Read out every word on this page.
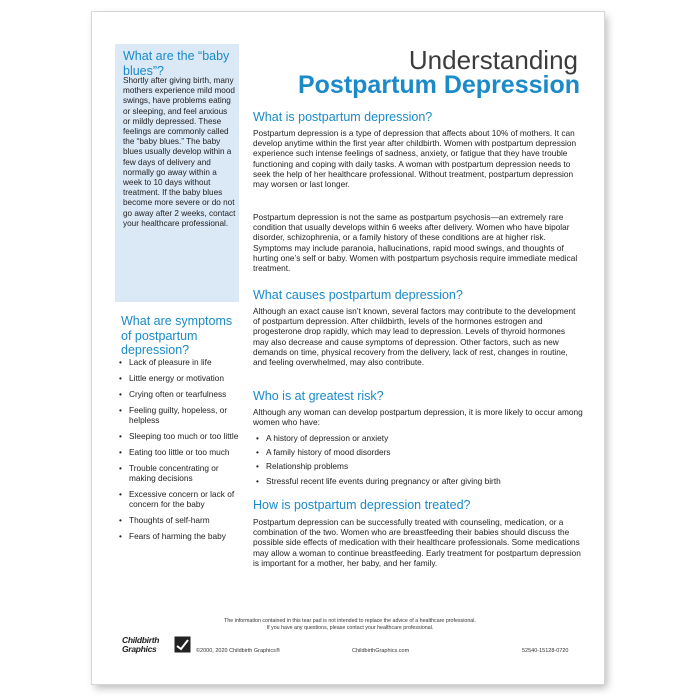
What are the “baby blues”?

Shortly after giving birth, many mothers experience mild mood swings, have problems eating or sleeping, and feel anxious or mildly depressed. These feelings are commonly called the “baby blues.” The baby blues usually develop within a few days of delivery and normally go away within a week to 10 days without treatment. If the baby blues become more severe or do not go away after 2 weeks, contact your healthcare professional.

What are symptoms of postpartum depression?
• Lack of pleasure in life
• Little energy or motivation
• Crying often or tearfulness
• Feeling guilty, hopeless, or helpless
• Sleeping too much or too little
• Eating too little or too much
• Trouble concentrating or making decisions
• Excessive concern or lack of concern for the baby
• Thoughts of self-harm
• Fears of harming the baby
Understanding
Postpartum Depression
What is postpartum depression?

Postpartum depression is a type of depression that affects about 10% of mothers. It can develop anytime within the first year after childbirth. Women with postpartum depression experience such intense feelings of sadness, anxiety, or fatigue that they have trouble functioning and coping with daily tasks. A woman with postpartum depression needs to seek the help of her healthcare professional. Without treatment, postpartum depression may worsen or last longer.

Postpartum depression is not the same as postpartum psychosis—an extremely rare condition that usually develops within 6 weeks after delivery. Women who have bipolar disorder, schizophrenia, or a family history of these conditions are at higher risk. Symptoms may include paranoia, hallucinations, rapid mood swings, and thoughts of hurting one’s self or baby. Women with postpartum psychosis require immediate medical treatment.

What causes postpartum depression?

Although an exact cause isn’t known, several factors may contribute to the development of postpartum depression. After childbirth, levels of the hormones estrogen and progesterone drop rapidly, which may lead to depression. Levels of thyroid hormones may also decrease and cause symptoms of depression. Other factors, such as new demands on time, physical recovery from the delivery, lack of rest, changes in routine, and feeling overwhelmed, may also contribute.

Who is at greatest risk?

Although any woman can develop postpartum depression, it is more likely to occur among women who have:

• A history of depression or anxiety
• A family history of mood disorders
• Relationship problems
• Stressful recent life events during pregnancy or after giving birth
How is postpartum depression treated?

Postpartum depression can be successfully treated with counseling, medication, or a combination of the two. Women who are breastfeeding their babies should discuss the possible side effects of medication with their healthcare professionals. Some medications may allow a woman to continue breastfeeding. Early treatment for postpartum depression is important for a mother, her baby, and her family.

The information contained in this tear pad is not intended to replace the advice of a healthcare professional.
If you have any questions, please contact your healthcare professional.
Childbirth
Graphics	©2000, 2020 Childbirth Graphics®	ChildbirthGraphics.com	52540-15128-0720
